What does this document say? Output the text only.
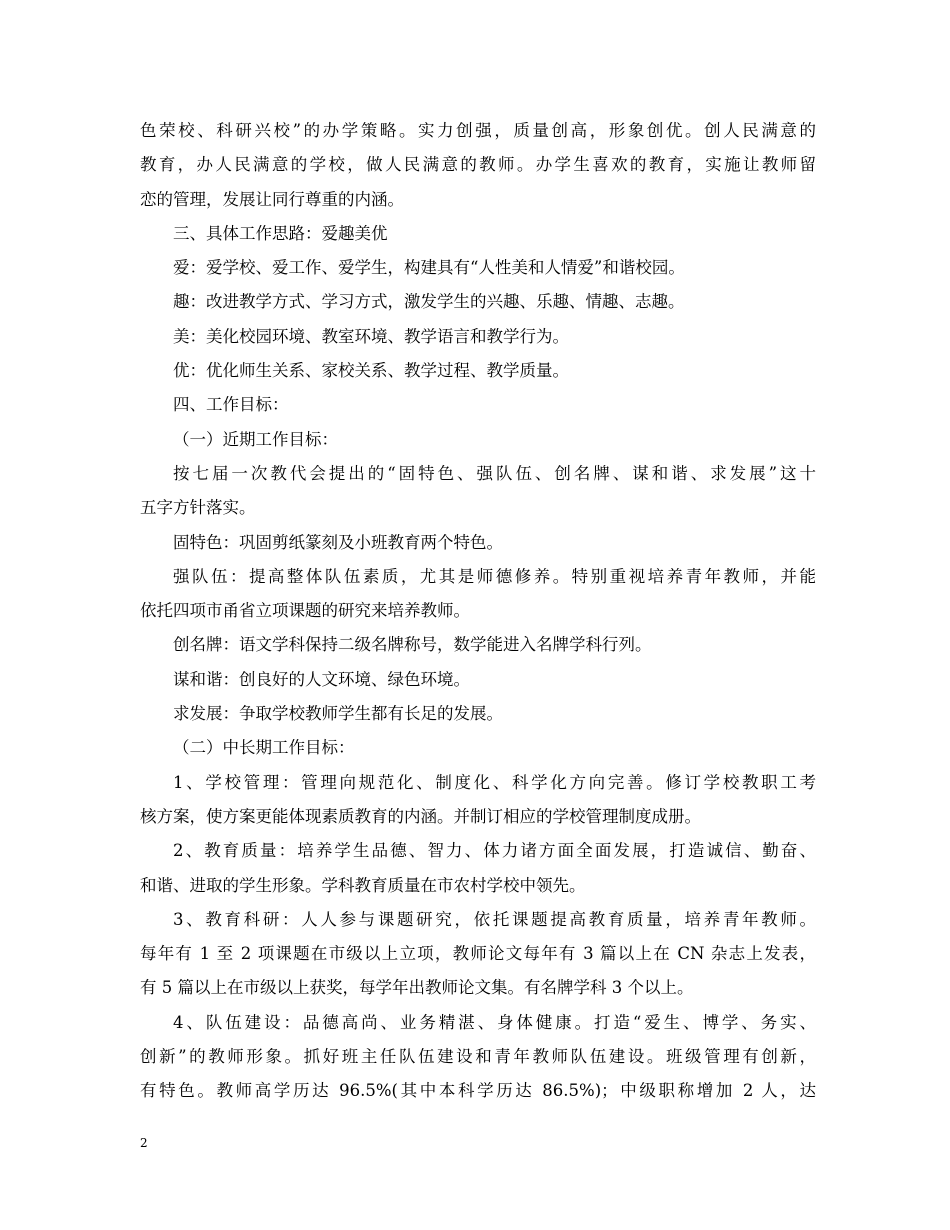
色荣校、科研兴校”的办学策略。实力创强，质量创高，形象创优。创人民满意的
教育，办人民满意的学校，做人民满意的教师。办学生喜欢的教育，实施让教师留
恋的管理，发展让同行尊重的内涵。
三、具体工作思路：爱趣美优
爱：爱学校、爱工作、爱学生，构建具有“人性美和人情爱”和谐校园。
趣：改进教学方式、学习方式，激发学生的兴趣、乐趣、情趣、志趣。
美：美化校园环境、教室环境、教学语言和教学行为。
优：优化师生关系、家校关系、教学过程、教学质量。
四、工作目标：
（一）近期工作目标：
按七届一次教代会提出的“固特色、强队伍、创名牌、谋和谐、求发展”这十
五字方针落实。
固特色：巩固剪纸篆刻及小班教育两个特色。
强队伍：提高整体队伍素质，尤其是师德修养。特别重视培养青年教师，并能
依托四项市甬省立项课题的研究来培养教师。
创名牌：语文学科保持二级名牌称号，数学能进入名牌学科行列。
谋和谐：创良好的人文环境、绿色环境。
求发展：争取学校教师学生都有长足的发展。
（二）中长期工作目标：
1、学校管理：管理向规范化、制度化、科学化方向完善。修订学校教职工考
核方案，使方案更能体现素质教育的内涵。并制订相应的学校管理制度成册。
2、教育质量：培养学生品德、智力、体力诸方面全面发展，打造诚信、勤奋、
和谐、进取的学生形象。学科教育质量在市农村学校中领先。
3、教育科研：人人参与课题研究，依托课题提高教育质量，培养青年教师。
每年有 1 至 2 项课题在市级以上立项，教师论文每年有 3 篇以上在 CN 杂志上发表，
有 5 篇以上在市级以上获奖，每学年出教师论文集。有名牌学科 3 个以上。
4、队伍建设：品德高尚、业务精湛、身体健康。打造“爱生、博学、务实、
创新”的教师形象。抓好班主任队伍建设和青年教师队伍建设。班级管理有创新，
有特色。教师高学历达 96.5%(其中本科学历达 86.5%)；中级职称增加 2 人，达
2
